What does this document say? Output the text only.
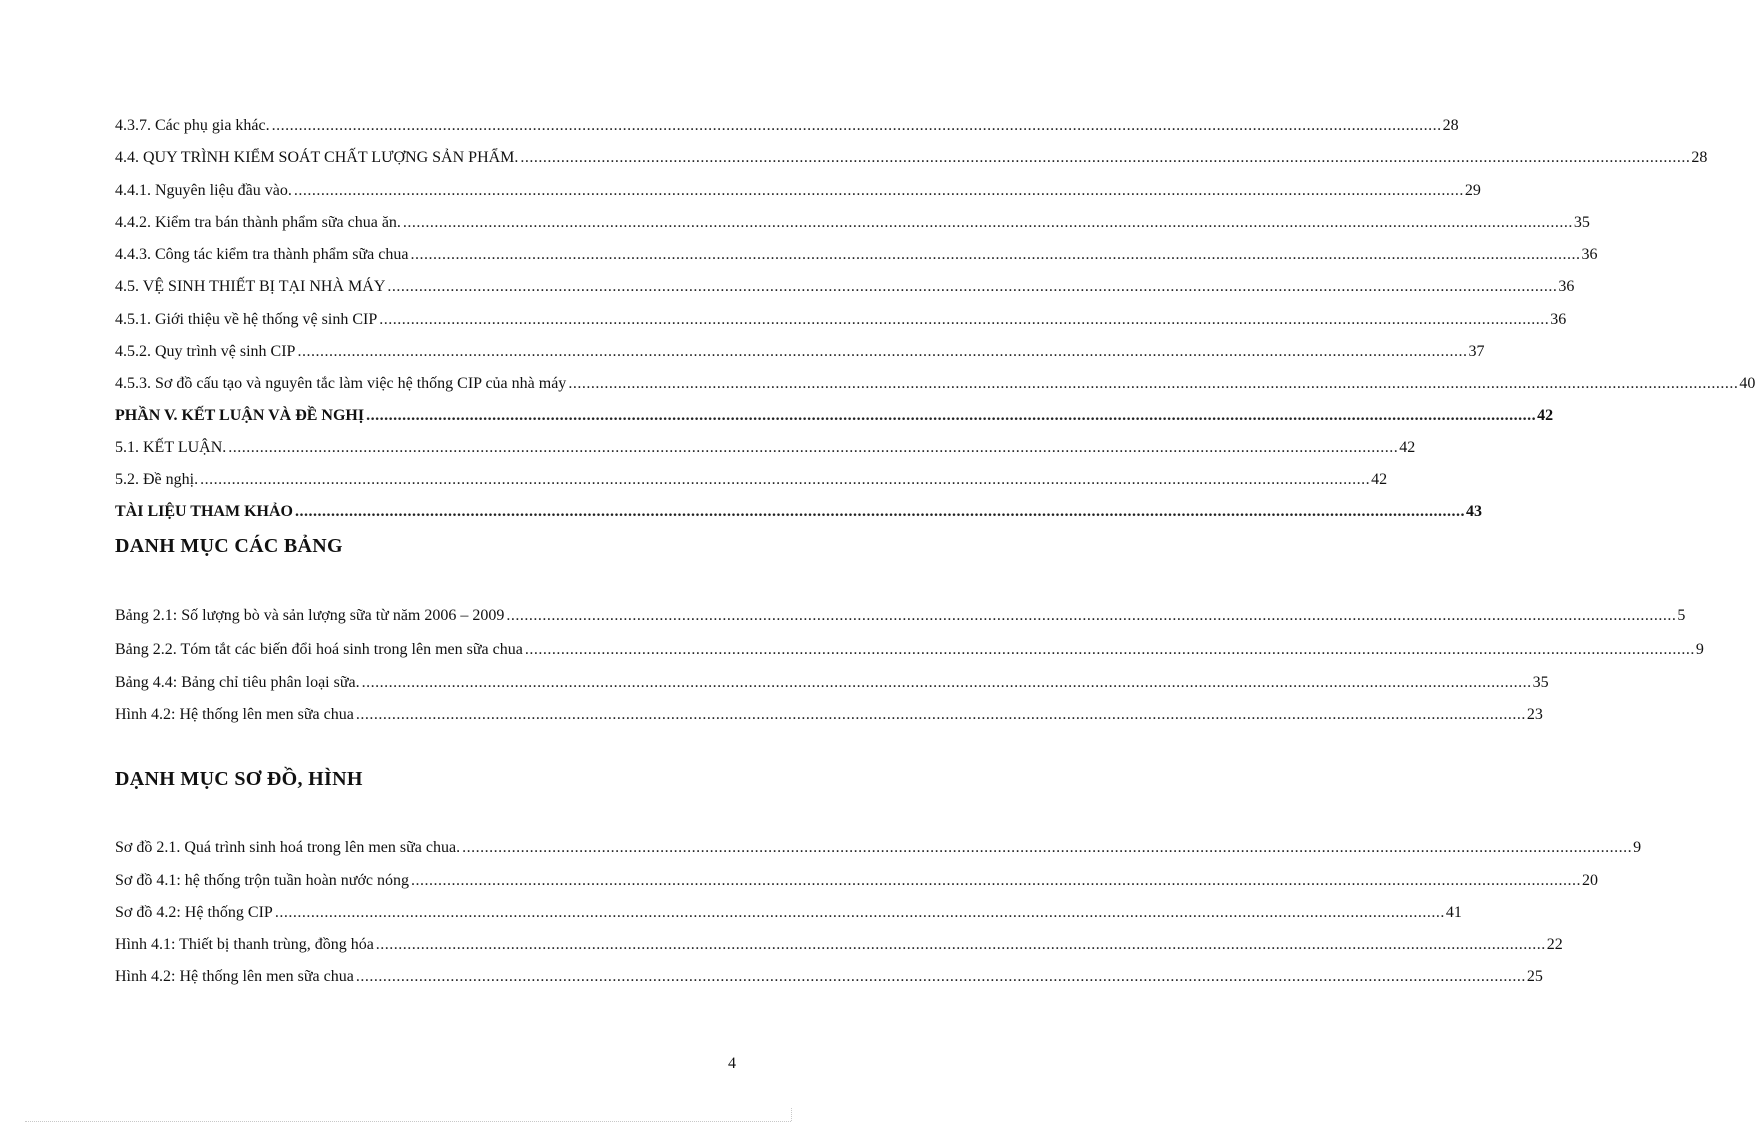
4.3.7. Các phụ gia khác. .................................................................................................................................................................................................................................................................... 28
4.4. QUY TRÌNH KIỂM SOÁT CHẤT LƯỢNG SẢN PHẨM. .................................................................................................................................................................................................................................................................... 28
4.4.1. Nguyên liệu đầu vào. .................................................................................................................................................................................................................................................................... 29
4.4.2. Kiểm tra bán thành phẩm sữa chua ăn. .................................................................................................................................................................................................................................................................... 35
4.4.3. Công tác kiểm tra thành phẩm sữa chua .................................................................................................................................................................................................................................................................... 36
4.5. VỆ SINH THIẾT BỊ TẠI NHÀ MÁY .................................................................................................................................................................................................................................................................... 36
4.5.1. Giới thiệu về hệ thống vệ sinh CIP .................................................................................................................................................................................................................................................................... 36
4.5.2. Quy trình vệ sinh CIP .................................................................................................................................................................................................................................................................... 37
4.5.3. Sơ đồ cấu tạo và nguyên tắc làm việc hệ thống CIP của nhà máy .................................................................................................................................................................................................................................................................... 40
PHẦN V. KẾT LUẬN VÀ ĐỀ NGHỊ .................................................................................................................................................................................................................................................................... 42
5.1. KẾT LUẬN. .................................................................................................................................................................................................................................................................... 42
5.2. Đề nghị. .................................................................................................................................................................................................................................................................... 42
TÀI LIỆU THAM KHẢO .................................................................................................................................................................................................................................................................... 43
DANH MỤC CÁC BẢNG
Bảng 2.1: Số lượng bò và sản lượng sữa từ năm 2006 – 2009 .................................................................................................................................................................................................................................................................... 5
Bảng 2.2. Tóm tắt các biến đổi hoá sinh trong lên men sữa chua .................................................................................................................................................................................................................................................................... 9
Bảng 4.4: Bảng chỉ tiêu phân loại sữa. .................................................................................................................................................................................................................................................................... 35
Hình 4.2: Hệ thống lên men sữa chua .................................................................................................................................................................................................................................................................... 23
DẠNH MỤC SƠ ĐỒ, HÌNH
Sơ đồ 2.1. Quá trình sinh hoá trong lên men sữa chua. .................................................................................................................................................................................................................................................................... 9
Sơ đồ 4.1: hệ thống trộn tuần hoàn nước nóng .................................................................................................................................................................................................................................................................... 20
Sơ đồ 4.2: Hệ thống CIP .................................................................................................................................................................................................................................................................... 41
Hình 4.1: Thiết bị thanh trùng, đồng hóa .................................................................................................................................................................................................................................................................... 22
Hình 4.2: Hệ thống lên men sữa chua .................................................................................................................................................................................................................................................................... 25
4
